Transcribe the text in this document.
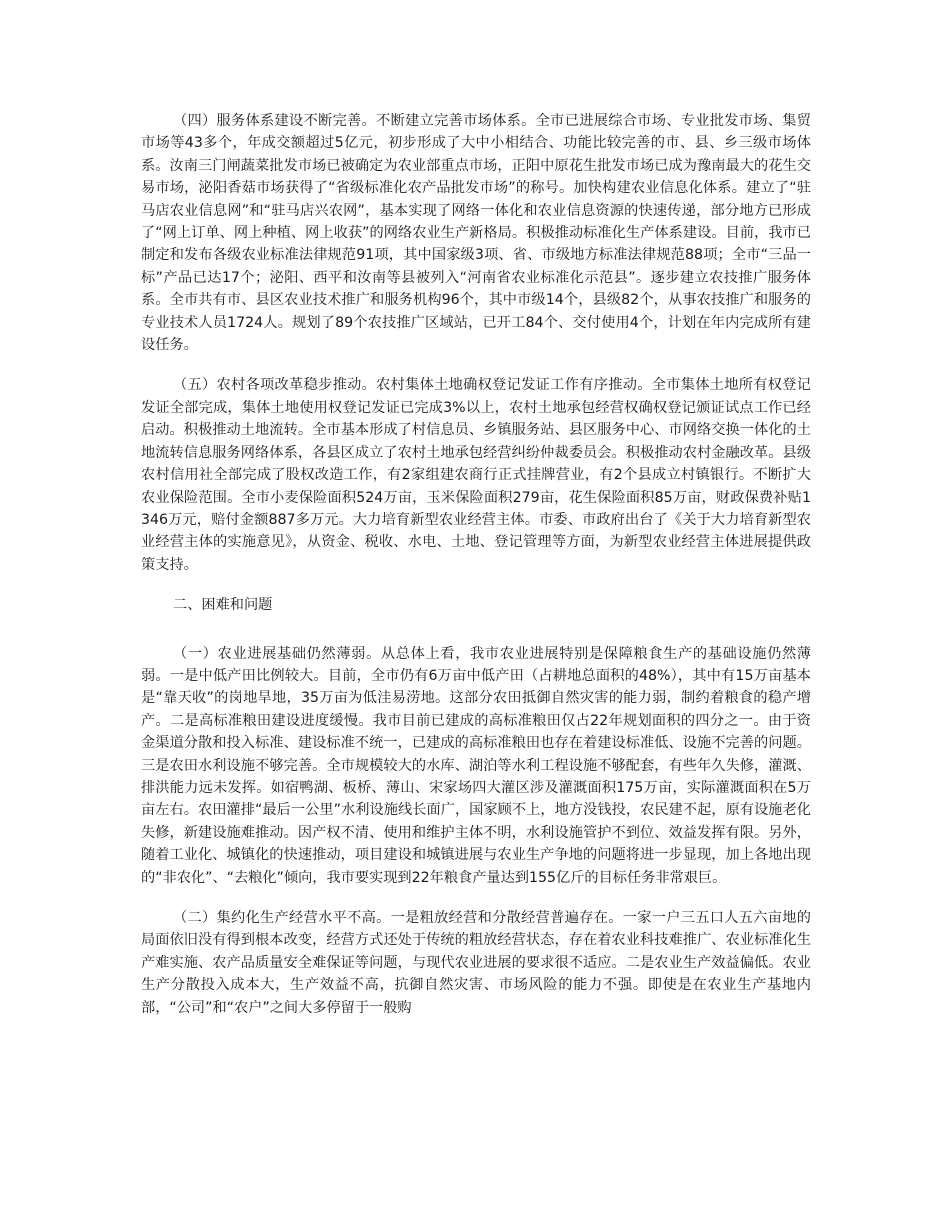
（四）服务体系建设不断完善。不断建立完善市场体系。全市已进展综合市场、专业批发市场、集贸市场等43多个，年成交额超过5亿元，初步形成了大中小相结合、功能比较完善的市、县、乡三级市场体系。汝南三门闸蔬菜批发市场已被确定为农业部重点市场，正阳中原花生批发市场已成为豫南最大的花生交易市场，泌阳香菇市场获得了“省级标准化农产品批发市场”的称号。加快构建农业信息化体系。建立了“驻马店农业信息网”和“驻马店兴农网”，基本实现了网络一体化和农业信息资源的快速传递，部分地方已形成了“网上订单、网上种植、网上收获”的网络农业生产新格局。积极推动标准化生产体系建设。目前，我市已制定和发布各级农业标准法律规范91项，其中国家级3项、省、市级地方标准法律规范88项；全市“三品一标”产品已达17个；泌阳、西平和汝南等县被列入“河南省农业标准化示范县”。逐步建立农技推广服务体系。全市共有市、县区农业技术推广和服务机构96个，其中市级14个，县级82个，从事农技推广和服务的专业技术人员1724人。规划了89个农技推广区域站，已开工84个、交付使用4个，计划在年内完成所有建设任务。

（五）农村各项改革稳步推动。农村集体土地确权登记发证工作有序推动。全市集体土地所有权登记发证全部完成，集体土地使用权登记发证已完成3%以上，农村土地承包经营权确权登记颁证试点工作已经启动。积极推动土地流转。全市基本形成了村信息员、乡镇服务站、县区服务中心、市网络交换一体化的土地流转信息服务网络体系，各县区成立了农村土地承包经营纠纷仲裁委员会。积极推动农村金融改革。县级农村信用社全部完成了股权改造工作，有2家组建农商行正式挂牌营业，有2个县成立村镇银行。不断扩大农业保险范围。全市小麦保险面积524万亩，玉米保险面积279亩，花生保险面积85万亩，财政保费补贴1346万元，赔付金额887多万元。大力培育新型农业经营主体。市委、市政府出台了《关于大力培育新型农业经营主体的实施意见》，从资金、税收、水电、土地、登记管理等方面，为新型农业经营主体进展提供政策支持。

二、困难和问题

（一）农业进展基础仍然薄弱。从总体上看，我市农业进展特别是保障粮食生产的基础设施仍然薄弱。一是中低产田比例较大。目前，全市仍有6万亩中低产田（占耕地总面积的48%），其中有15万亩基本是“靠天收”的岗地旱地，35万亩为低洼易涝地。这部分农田抵御自然灾害的能力弱，制约着粮食的稳产增产。二是高标准粮田建设进度缓慢。我市目前已建成的高标准粮田仅占22年规划面积的四分之一。由于资金渠道分散和投入标准、建设标准不统一，已建成的高标准粮田也存在着建设标准低、设施不完善的问题。三是农田水利设施不够完善。全市规模较大的水库、湖泊等水利工程设施不够配套，有些年久失修，灌溉、排洪能力远未发挥。如宿鸭湖、板桥、薄山、宋家场四大灌区涉及灌溉面积175万亩，实际灌溉面积在5万亩左右。农田灌排“最后一公里”水利设施线长面广，国家顾不上，地方没钱投，农民建不起，原有设施老化失修，新建设施难推动。因产权不清、使用和维护主体不明，水利设施管护不到位、效益发挥有限。另外，随着工业化、城镇化的快速推动，项目建设和城镇进展与农业生产争地的问题将进一步显现，加上各地出现的“非农化”、“去粮化”倾向，我市要实现到22年粮食产量达到155亿斤的目标任务非常艰巨。

（二）集约化生产经营水平不高。一是粗放经营和分散经营普遍存在。一家一户三五口人五六亩地的局面依旧没有得到根本改变，经营方式还处于传统的粗放经营状态，存在着农业科技难推广、农业标准化生产难实施、农产品质量安全难保证等问题，与现代农业进展的要求很不适应。二是农业生产效益偏低。农业生产分散投入成本大，生产效益不高，抗御自然灾害、市场风险的能力不强。即使是在农业生产基地内部，“公司”和“农户”之间大多停留于一般购
